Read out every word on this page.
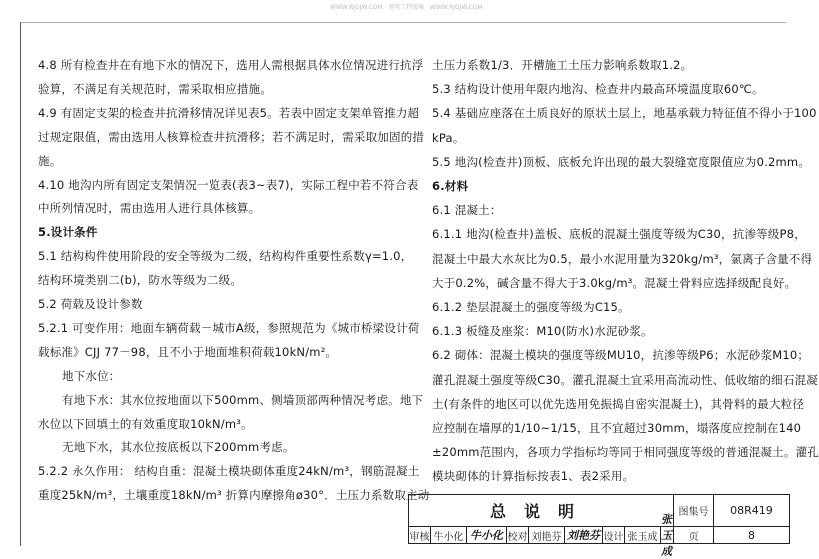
WWW.RJGJW.COM · 建筑工程图集 · WWW.RJGJW.COM
4.8 所有检查井在有地下水的情况下，选用人需根据具体水位情况进行抗浮
验算，不满足有关规范时，需采取相应措施。
4.9 有固定支架的检查井抗滑移情况详见表5。若表中固定支架单管推力超
过规定限值，需由选用人核算检查井抗滑移；若不满足时，需采取加固的措
施。
4.10 地沟内所有固定支架情况一览表(表3~表7)，实际工程中若不符合表
中所列情况时，需由选用人进行具体核算。
5.设计条件
5.1 结构构件使用阶段的安全等级为二级，结构构件重要性系数γ=1.0，
结构环境类别二(b)，防水等级为二级。
5.2 荷载及设计参数
5.2.1 可变作用：地面车辆荷载－城市A级，参照规范为《城市桥梁设计荷
载标准》CJJ 77－98，且不小于地面堆积荷载10kN/m²。
地下水位：
有地下水：其水位按地面以下500mm、侧墙顶部两种情况考虑。地下
水位以下回填土的有效重度取10kN/m³。
无地下水，其水位按底板以下200mm考虑。
5.2.2 永久作用： 结构自重：混凝土模块砌体重度24kN/m³，钢筋混凝土
重度25kN/m³，土壤重度18kN/m³ 折算内摩擦角ø30°．土压力系数取主动
土压力系数1/3．开槽施工土压力影响系数取1.2。
5.3 结构设计使用年限内地沟、检查井内最高环境温度取60℃。
5.4 基础应座落在土质良好的原状土层上，地基承载力特征值不得小于100
kPa。
5.5 地沟(检查井)顶板、底板允许出现的最大裂缝宽度限值应为0.2mm。
6.材料
6.1 混凝土：
6.1.1 地沟(检查井)盖板、底板的混凝土强度等级为C30，抗渗等级P8，
混凝土中最大水灰比为0.5，最小水泥用量为320kg/m³，氯离子含量不得
大于0.2%，碱含量不得大于3.0kg/m³。混凝土骨料应选择级配良好。
6.1.2 垫层混凝土的强度等级为C15。
6.1.3 板缝及座浆：M10(防水)水泥砂浆。
6.2 砌体：混凝土模块的强度等级MU10，抗渗等级P6；水泥砂浆M10；
灌孔混凝土强度等级C30。灌孔混凝土宜采用高流动性、低收缩的细石混凝
土(有条件的地区可以优先选用免振捣自密实混凝土)，其骨料的最大粒径
应控制在墙厚的1/10~1/15，且不宜超过30mm，塌落度应控制在140
±20mm范围内，各项力学指标均等同于相同强度等级的普通混凝土。灌孔
模块砌体的计算指标按表1、表2采用。
总说明	图集号	08R419
审核 牛小化 牛小化 校对 刘艳芬 刘艳芬 设计 张玉成
张玉成
页	8
